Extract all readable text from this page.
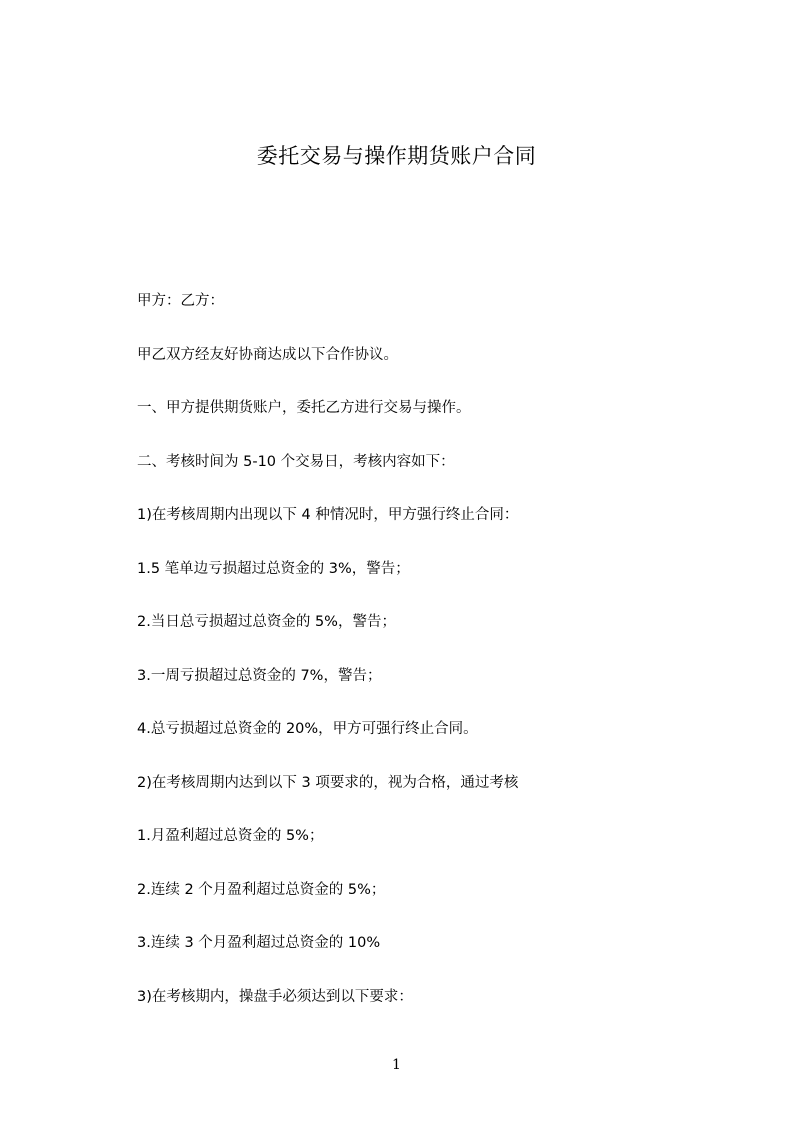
委托交易与操作期货账户合同
甲方：乙方：
甲乙双方经友好协商达成以下合作协议。
一、甲方提供期货账户，委托乙方进行交易与操作。
二、考核时间为 5-10 个交易日，考核内容如下：
1)在考核周期内出现以下 4 种情况时，甲方强行终止合同：
1.5 笔单边亏损超过总资金的 3%，警告；
2.当日总亏损超过总资金的 5%，警告；
3.一周亏损超过总资金的 7%，警告；
4.总亏损超过总资金的 20%，甲方可强行终止合同。
2)在考核周期内达到以下 3 项要求的，视为合格，通过考核
1.月盈利超过总资金的 5%；
2.连续 2 个月盈利超过总资金的 5%；
3.连续 3 个月盈利超过总资金的 10%
3)在考核期内，操盘手必须达到以下要求：
1
